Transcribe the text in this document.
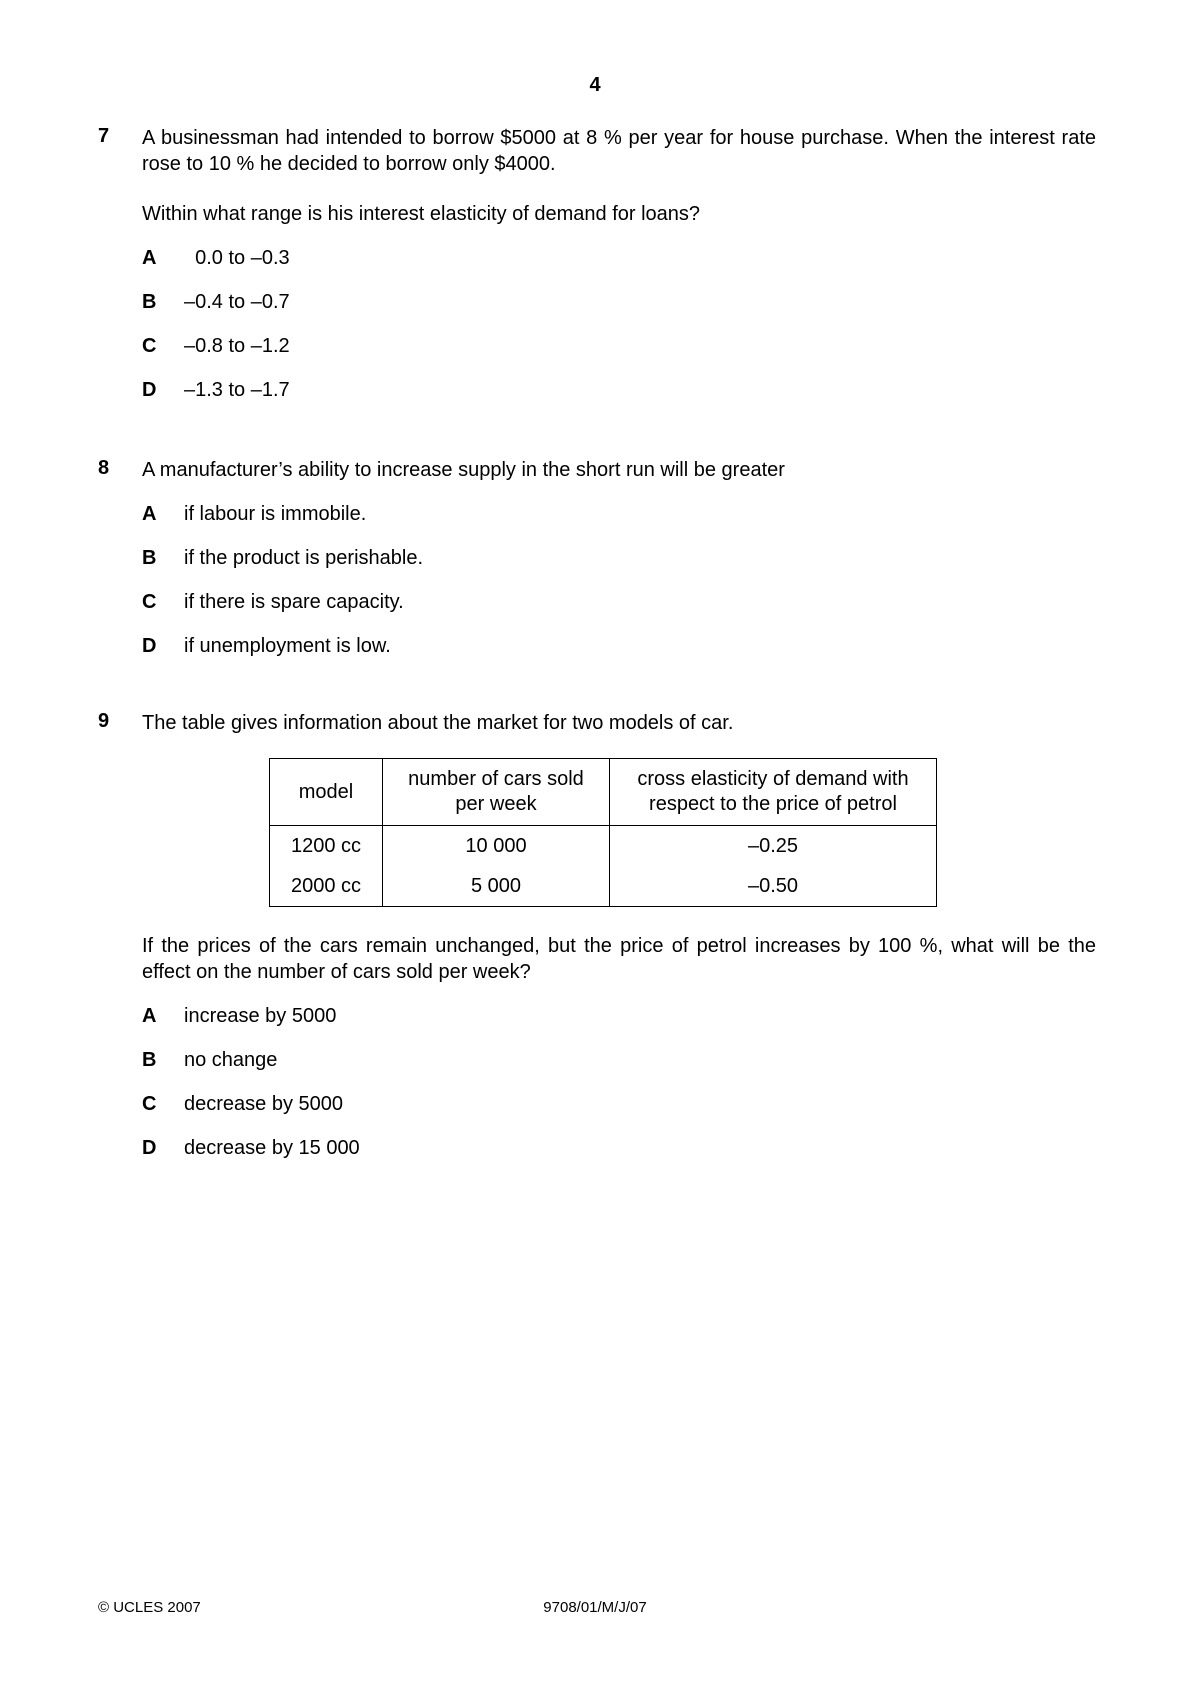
4
7 A businessman had intended to borrow $5000 at 8 % per year for house purchase. When the interest rate rose to 10 % he decided to borrow only $4000.
Within what range is his interest elasticity of demand for loans?
A 0.0 to –0.3
B –0.4 to –0.7
C –0.8 to –1.2
D –1.3 to –1.7
8 A manufacturer’s ability to increase supply in the short run will be greater
A if labour is immobile.
B if the product is perishable.
C if there is spare capacity.
D if unemployment is low.
9 The table gives information about the market for two models of car.
model	number of cars sold per week	cross elasticity of demand with respect to the price of petrol
1200 cc	10 000	–0.25
2000 cc	5 000	–0.50
If the prices of the cars remain unchanged, but the price of petrol increases by 100 %, what will be the effect on the number of cars sold per week?
A increase by 5000
B no change
C decrease by 5000
D decrease by 15 000
© UCLES 2007	9708/01/M/J/07
